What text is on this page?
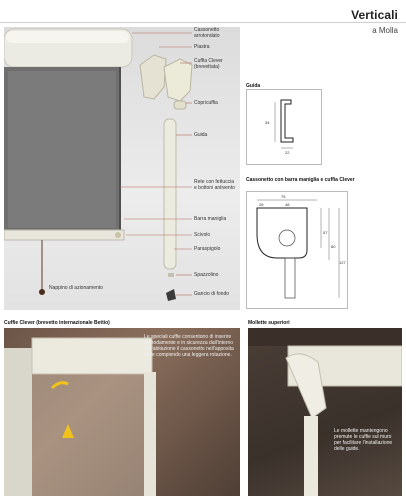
Verticali
a Molla
Cassonetto arrotondato
Piastra
Cuffia Clever (brevettata)
Copricuffia
Guida
Rete con fettuccia e bottoni antivento
Barra maniglia
Scivolo
Paraspigolo
Spazzolino
Gancio di fondo
Nappino di azionamento
Guida
34
22
Cassonetto con barra maniglia e cuffia Clever
75
26	48
57
80
127
Cuffie Clever (brevetto internazionale Bettio)
Le speciali cuffie consentono di inserire comodamente e in sicurezza dall'interno dell'abitazione il cassonetto nell'apposita sede compiendo una leggera rotazione.
Mollette superiori
Le mollette mantengono premute le cuffie sul muro per facilitare l'installazione delle guide.
